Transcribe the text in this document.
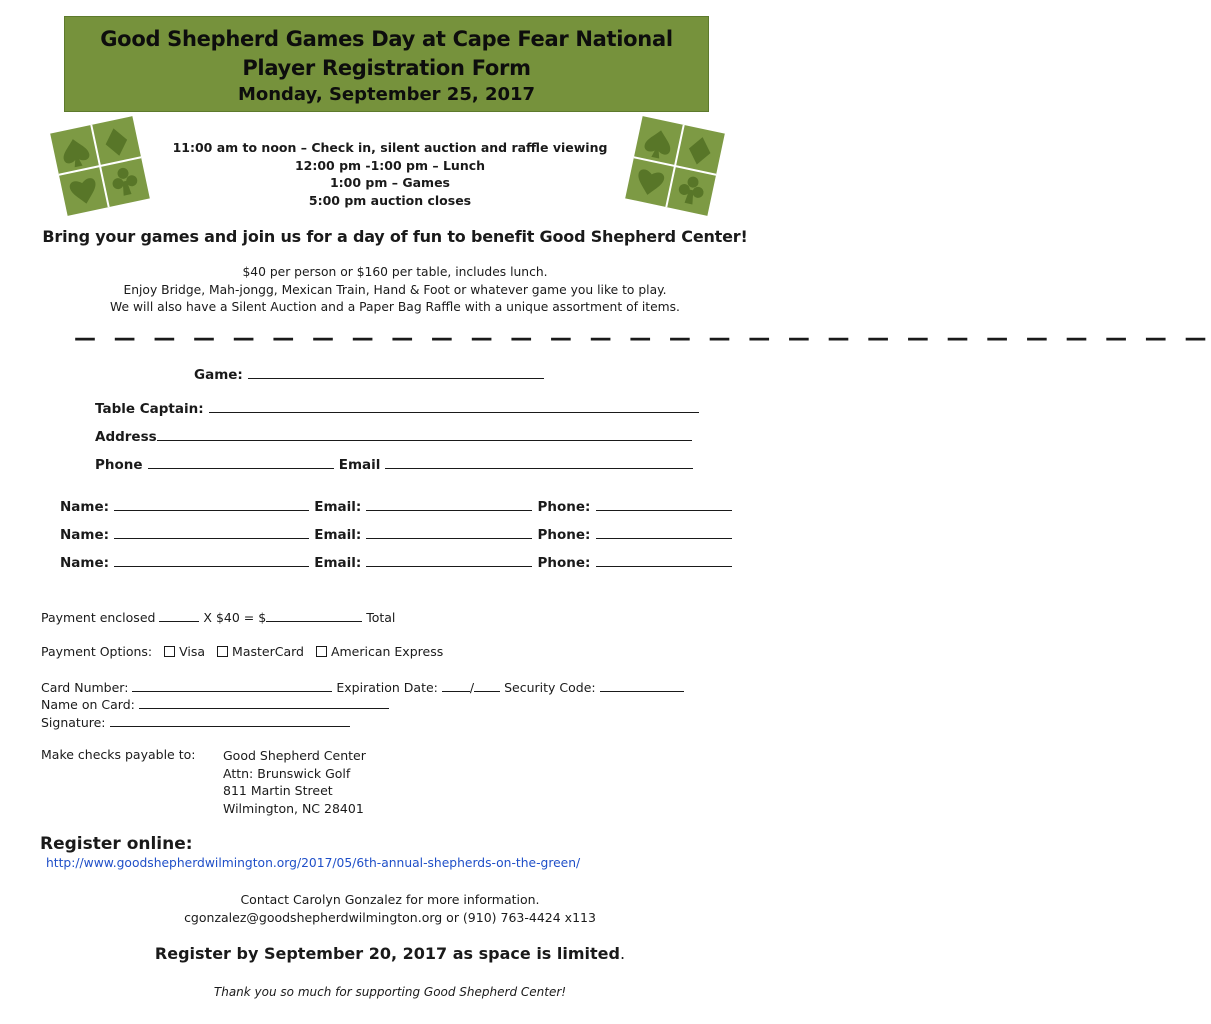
Good Shepherd Games Day at Cape Fear National
Player Registration Form
Monday, September 25, 2017
11:00 am to noon – Check in, silent auction and raffle viewing
12:00 pm -1:00 pm – Lunch
1:00 pm – Games
5:00 pm auction closes
Bring your games and join us for a day of fun to benefit Good Shepherd Center!
$40 per person or $160 per table, includes lunch.
Enjoy Bridge, Mah-jongg, Mexican Train, Hand & Foot or whatever game you like to play.
We will also have a Silent Auction and a Paper Bag Raffle with a unique assortment of items.
— — — — — — — — — — — — — — — — — — — — — — — — — — — — —
Game:
Table Captain:
Address
Phone	Email
Name:	Email:	Phone:
Name:	Email:	Phone:
Name:	Email:	Phone:
Payment enclosed	X $40 = $	Total
Payment Options: Visa MasterCard American Express
Card Number:	Expiration Date:	/ Security Code:
Name on Card:
Signature:
Make checks payable to: Good Shepherd Center
Attn: Brunswick Golf
811 Martin Street
Wilmington, NC 28401
Register online:
http://www.goodshepherdwilmington.org/2017/05/6th-annual-shepherds-on-the-green/
Contact Carolyn Gonzalez for more information.
cgonzalez@goodshepherdwilmington.org or (910) 763-4424 x113
Register by September 20, 2017 as space is limited.
Thank you so much for supporting Good Shepherd Center!
